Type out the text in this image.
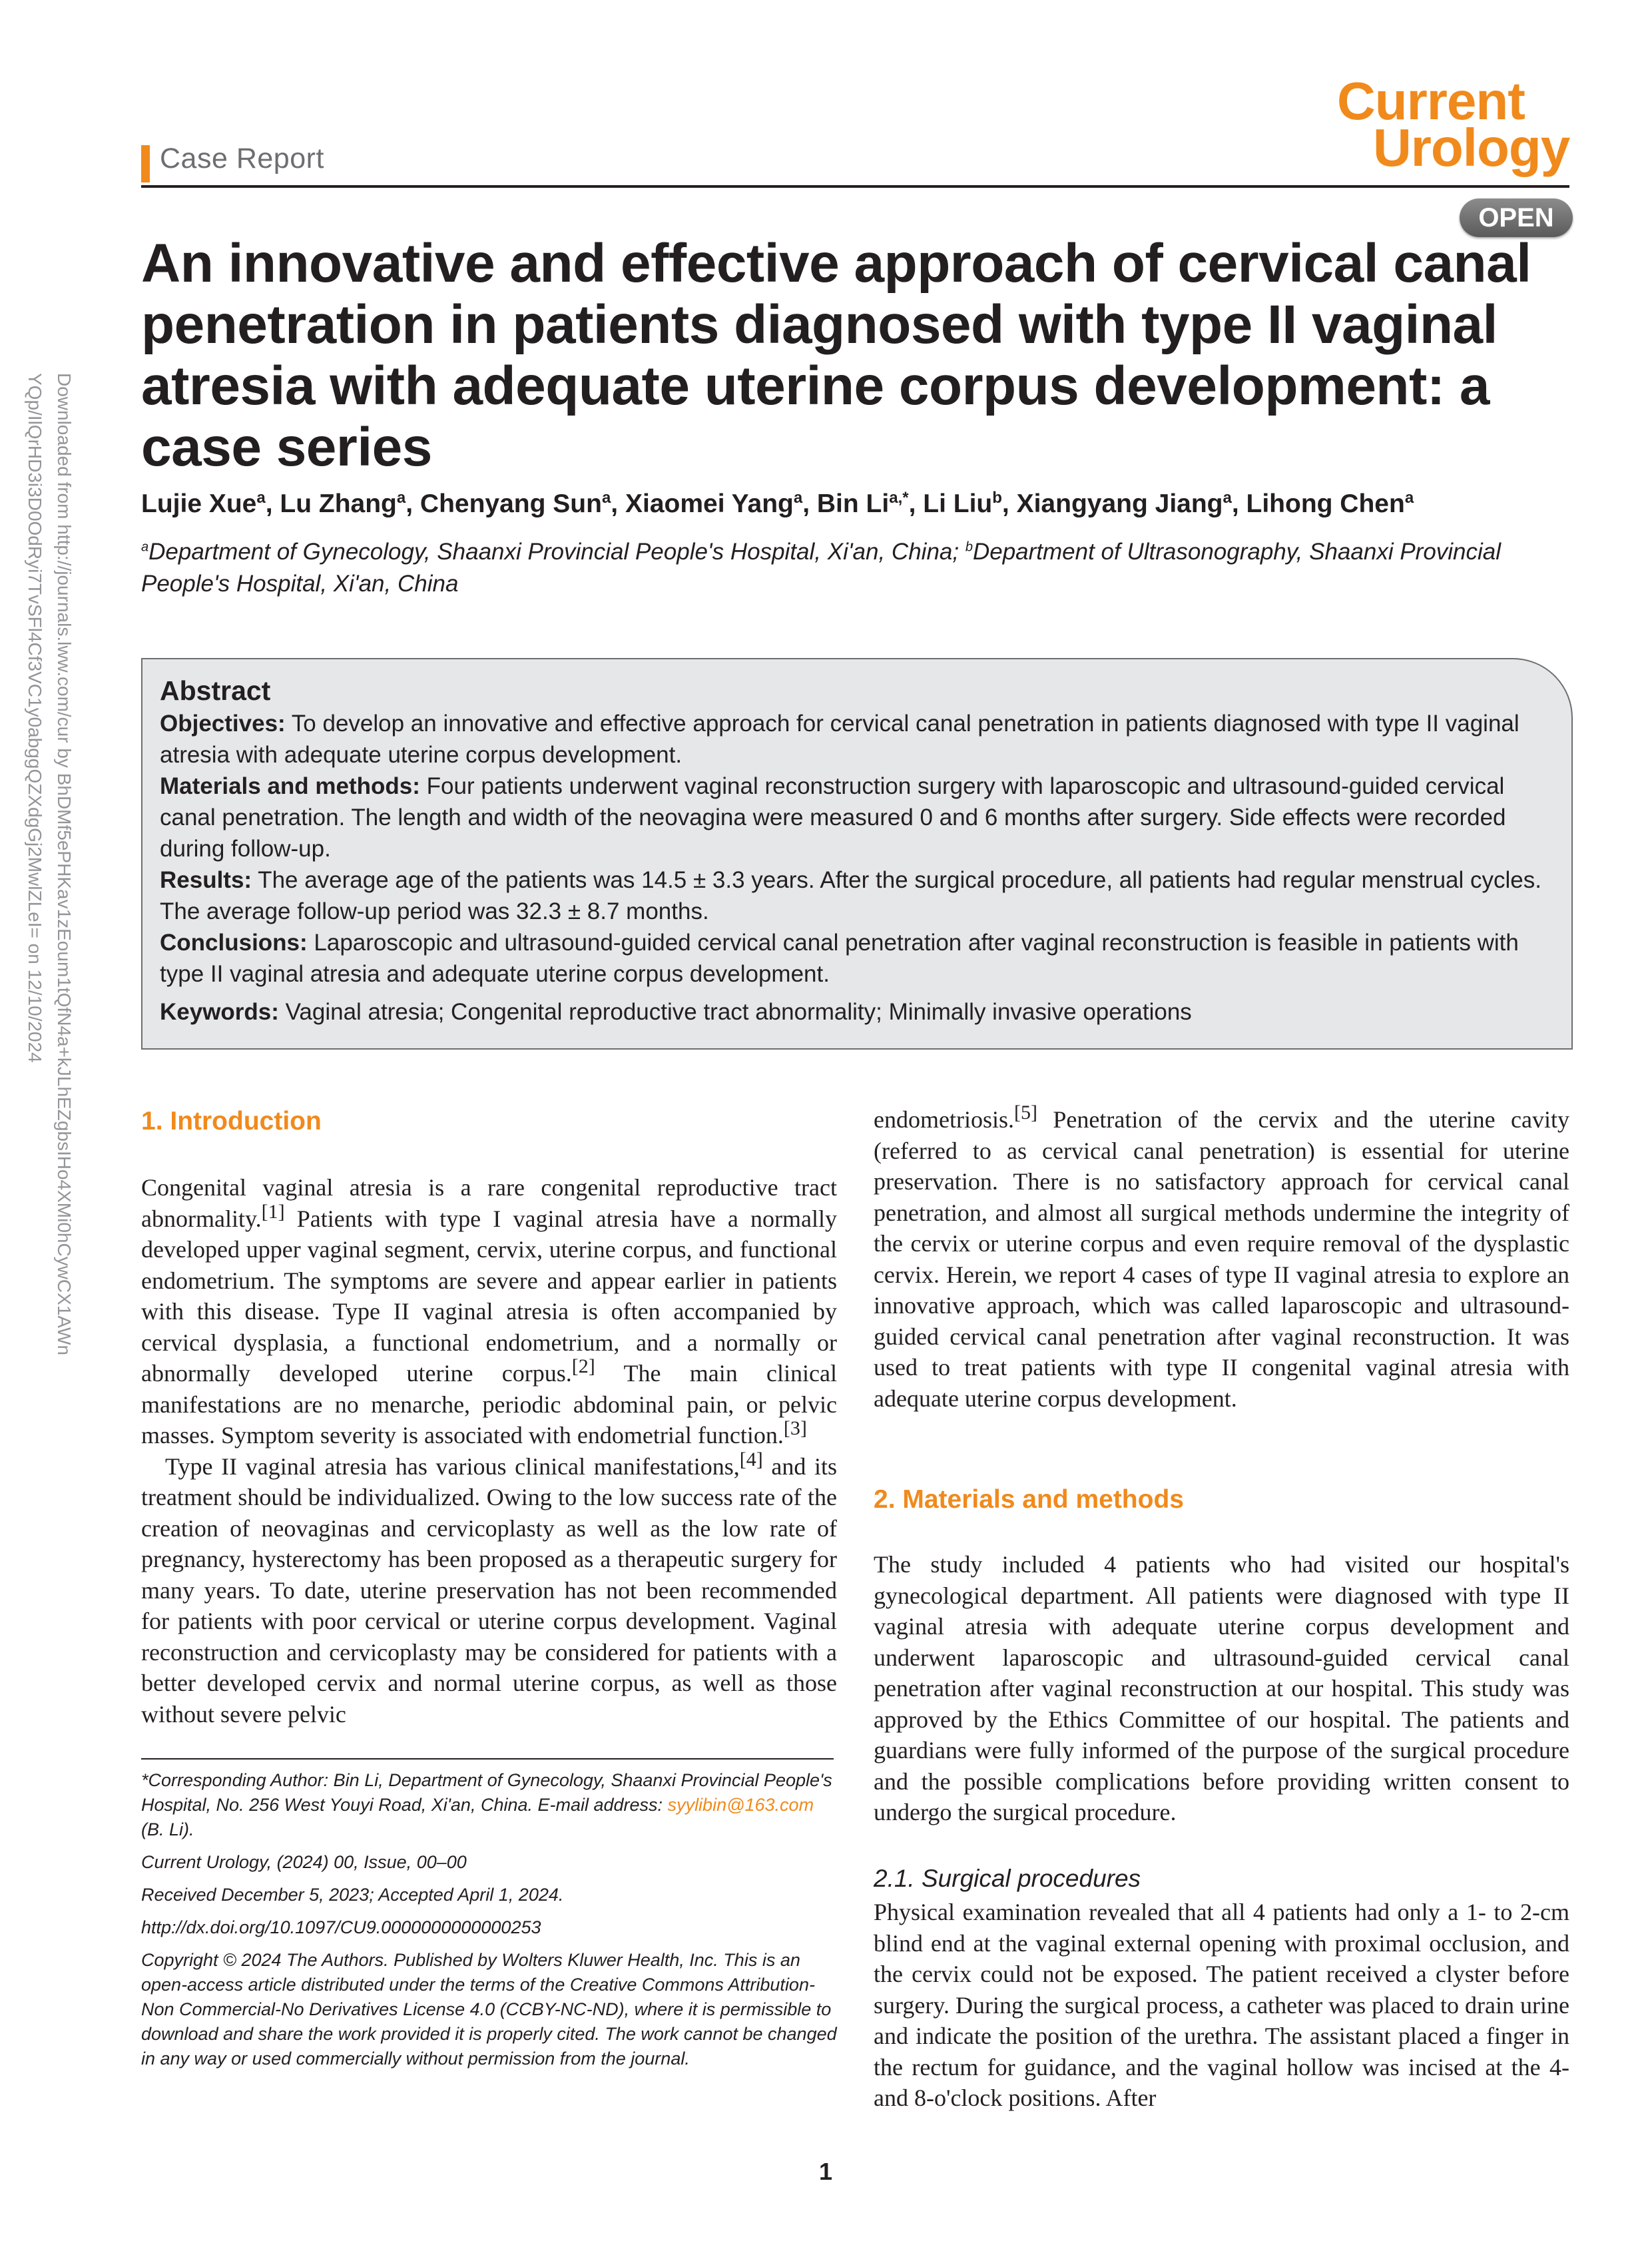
Case Report
Current
Urology
OPEN
Downloaded from http://journals.lww.com/cur by BhDMf5ePHKav1zEoum1tQfN4a+kJLhEZgbsIHo4XMi0hCywCX1AWn YQp/IlQrHD3i3D0OdRyi7TvSFl4Cf3VC1y0abggQZXdgGj2MwlZLeI= on 12/10/2024
An innovative and effective approach of cervical canal penetration in patients diagnosed with type II vaginal atresia with adequate uterine corpus development: a case series
Lujie Xue$^a$, Lu Zhang$^a$, Chenyang Sun$^a$, Xiaomei Yang$^a$, Bin $Li^{a,*}$, Li Liu$^b$, Xiangyang Jiang$^a$, Lihong Chen$^a$
$^a$Department of Gynecology, Shaanxi Provincial People's Hospital, Xi'an, China; $^b$Department of Ultrasonography, Shaanxi Provincial People's Hospital, Xi'an, China
Abstract

Objectives: To develop an innovative and effective approach for cervical canal penetration in patients diagnosed with type II vaginal atresia with adequate uterine corpus development.

Materials and methods: Four patients underwent vaginal reconstruction surgery with laparoscopic and ultrasound-guided cervical canal penetration. The length and width of the neovagina were measured 0 and 6 months after surgery. Side effects were recorded during follow-up.

Results: The average age of the patients was 14.5 ± 3.3 years. After the surgical procedure, all patients had regular menstrual cycles. The average follow-up period was 32.3 ± 8.7 months.

Conclusions: Laparoscopic and ultrasound-guided cervical canal penetration after vaginal reconstruction is feasible in patients with type II vaginal atresia and adequate uterine corpus development.

Keywords: Vaginal atresia; Congenital reproductive tract abnormality; Minimally invasive operations

1. Introduction

Congenital vaginal atresia is a rare congenital reproductive tract abnormality.[1] Patients with type I vaginal atresia have a normally developed upper vaginal segment, cervix, uterine corpus, and functional endometrium. The symptoms are severe and appear earlier in patients with this disease. Type II vaginal atresia is often accompanied by cervical dysplasia, a functional endometrium, and a normally or abnormally developed uterine corpus.[2] The main clinical manifestations are no menarche, periodic abdominal pain, or pelvic masses. Symptom severity is associated with endometrial function.[3]

Type II vaginal atresia has various clinical manifestations,[4] and its treatment should be individualized. Owing to the low success rate of the creation of neovaginas and cervicoplasty as well as the low rate of pregnancy, hysterectomy has been proposed as a therapeutic surgery for many years. To date, uterine preservation has not been recommended for patients with poor cervical or uterine corpus development. Vaginal reconstruction and cervicoplasty may be considered for patients with a better developed cervix and normal uterine corpus, as well as those without severe pelvic

*Corresponding Author: Bin Li, Department of Gynecology, Shaanxi Provincial People's Hospital, No. 256 West Youyi Road, Xi'an, China. E-mail address: syylibin@163.com (B. Li).

Current Urology, (2024) 00, Issue, 00–00

Received December 5, 2023; Accepted April 1, 2024.

http://dx.doi.org/10.1097/CU9.0000000000000253

Copyright © 2024 The Authors. Published by Wolters Kluwer Health, Inc. This is an open-access article distributed under the terms of the Creative Commons Attribution-Non Commercial-No Derivatives License 4.0 (CCBY-NC-ND), where it is permissible to download and share the work provided it is properly cited. The work cannot be changed in any way or used commercially without permission from the journal.

endometriosis.[5] Penetration of the cervix and the uterine cavity (referred to as cervical canal penetration) is essential for uterine preservation. There is no satisfactory approach for cervical canal penetration, and almost all surgical methods undermine the integrity of the cervix or uterine corpus and even require removal of the dysplastic cervix. Herein, we report 4 cases of type II vaginal atresia to explore an innovative approach, which was called laparoscopic and ultrasound-guided cervical canal penetration after vaginal reconstruction. It was used to treat patients with type II congenital vaginal atresia with adequate uterine corpus development.

2. Materials and methods

The study included 4 patients who had visited our hospital's gynecological department. All patients were diagnosed with type II vaginal atresia with adequate uterine corpus development and underwent laparoscopic and ultrasound-guided cervical canal penetration after vaginal reconstruction at our hospital. This study was approved by the Ethics Committee of our hospital. The patients and guardians were fully informed of the purpose of the surgical procedure and the possible complications before providing written consent to undergo the surgical procedure.

2.1. Surgical procedures

Physical examination revealed that all 4 patients had only a 1- to 2-cm blind end at the vaginal external opening with proximal occlusion, and the cervix could not be exposed. The patient received a clyster before surgery. During the surgical process, a catheter was placed to drain urine and indicate the position of the urethra. The assistant placed a finger in the rectum for guidance, and the vaginal hollow was incised at the 4- and 8-o'clock positions. After

1
